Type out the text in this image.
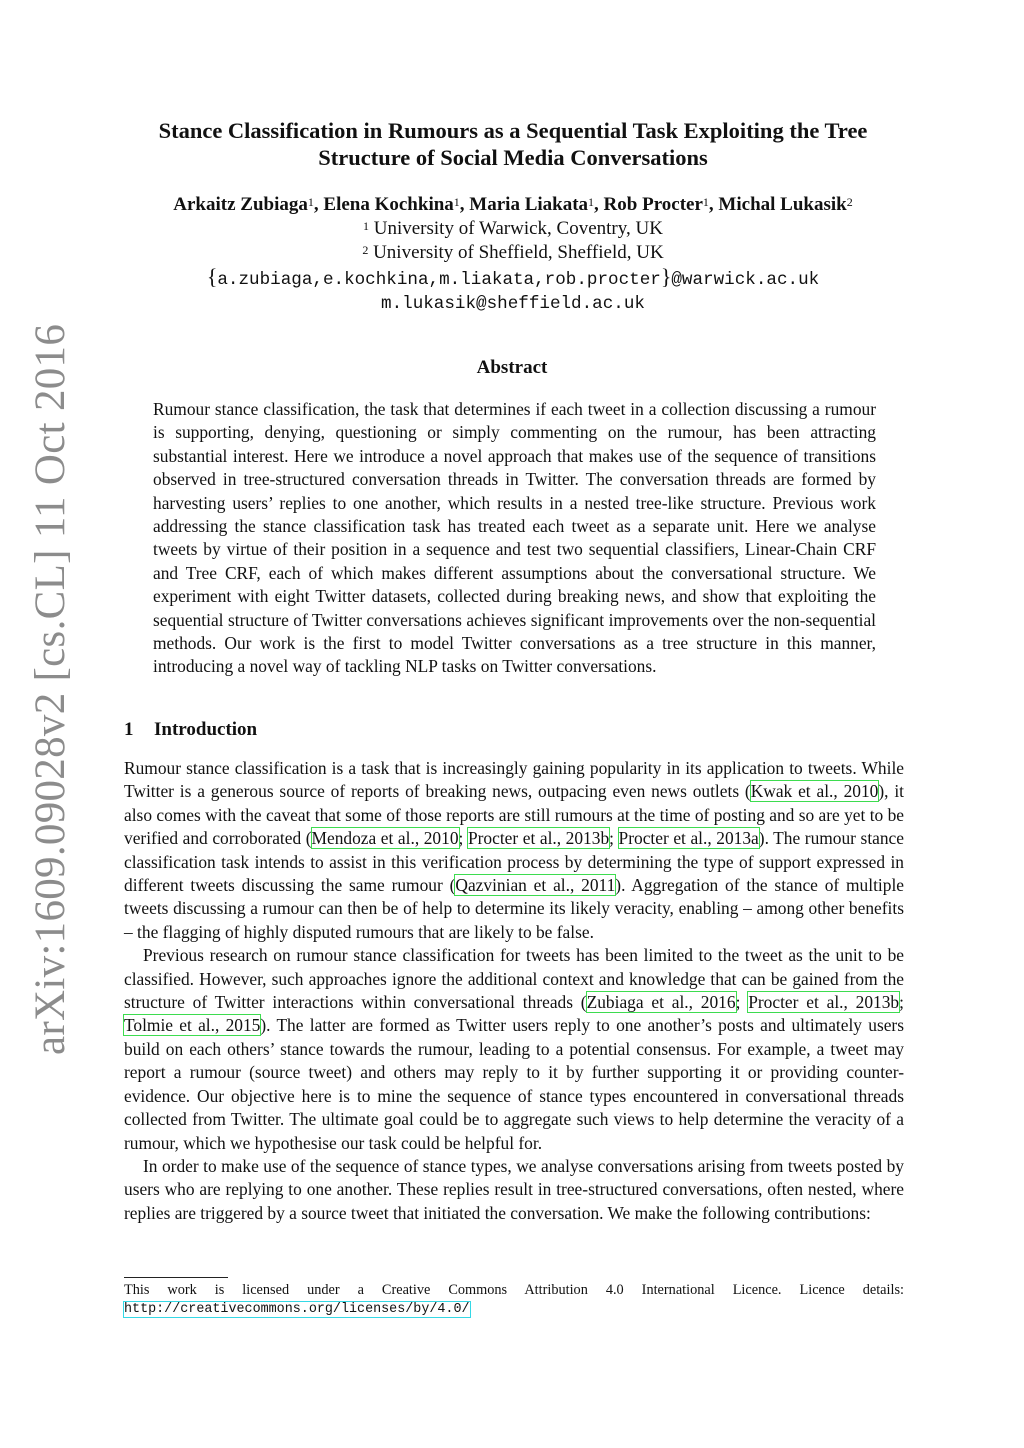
arXiv:1609.09028v2 [cs.CL] 11 Oct 2016
Stance Classification in Rumours as a Sequential Task Exploiting the Tree
Structure of Social Media Conversations
Arkaitz Zubiaga$^1$, Elena Kochkina$^1$, Maria Liakata$^1$, Rob Procter$^1$, Michal Lukasik$^2$
$^1$ University of Warwick, Coventry, UK
$^2$ University of Sheffield, Sheffield, UK
{a.zubiaga,e.kochkina,m.liakata,rob.procter}@warwick.ac.uk
m.lukasik@sheffield.ac.uk
Abstract
Rumour stance classification, the task that determines if each tweet in a collection discussing a rumour is supporting, denying, questioning or simply commenting on the rumour, has been attracting substantial interest. Here we introduce a novel approach that makes use of the sequence of transitions observed in tree-structured conversation threads in Twitter. The conversation threads are formed by harvesting users’ replies to one another, which results in a nested tree-like structure. Previous work addressing the stance classification task has treated each tweet as a separate unit. Here we analyse tweets by virtue of their position in a sequence and test two sequential classifiers, Linear-Chain CRF and Tree CRF, each of which makes different assumptions about the conversational structure. We experiment with eight Twitter datasets, collected during breaking news, and show that exploiting the sequential structure of Twitter conversations achieves significant improvements over the non-sequential methods. Our work is the first to model Twitter conversations as a tree structure in this manner, introducing a novel way of tackling NLP tasks on Twitter conversations.
1 Introduction

Rumour stance classification is a task that is increasingly gaining popularity in its application to tweets. While Twitter is a generous source of reports of breaking news, outpacing even news outlets (Kwak et al., 2010), it also comes with the caveat that some of those reports are still rumours at the time of posting and so are yet to be verified and corroborated (Mendoza et al., 2010; Procter et al., 2013b; Procter et al., 2013a). The rumour stance classification task intends to assist in this verification process by determining the type of support expressed in different tweets discussing the same rumour (Qazvinian et al., 2011). Aggregation of the stance of multiple tweets discussing a rumour can then be of help to determine its likely veracity, enabling – among other benefits – the flagging of highly disputed rumours that are likely to be false.

Previous research on rumour stance classification for tweets has been limited to the tweet as the unit to be classified. However, such approaches ignore the additional context and knowledge that can be gained from the structure of Twitter interactions within conversational threads (Zubiaga et al., 2016; Procter et al., 2013b; Tolmie et al., 2015). The latter are formed as Twitter users reply to one another’s posts and ultimately users build on each others’ stance towards the rumour, leading to a potential consensus. For example, a tweet may report a rumour (source tweet) and others may reply to it by further supporting it or providing counter-evidence. Our objective here is to mine the sequence of stance types encountered in conversational threads collected from Twitter. The ultimate goal could be to aggregate such views to help determine the veracity of a rumour, which we hypothesise our task could be helpful for.

In order to make use of the sequence of stance types, we analyse conversations arising from tweets posted by users who are replying to one another. These replies result in tree-structured conversations, often nested, where replies are triggered by a source tweet that initiated the conversation. We make the following contributions:

This work is licensed under a Creative Commons Attribution 4.0 International Licence. Licence details: http://creativecommons.org/licenses/by/4.0/
